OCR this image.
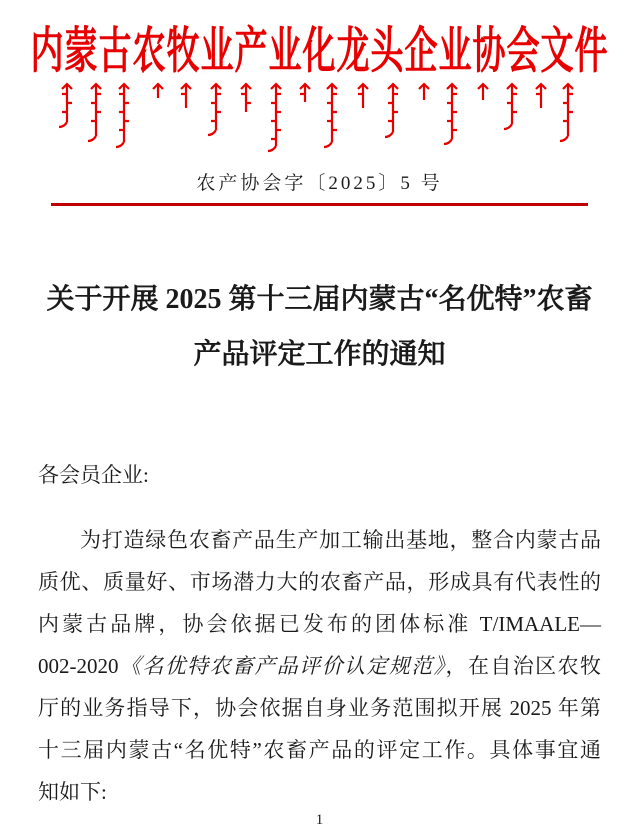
内蒙古农牧业产业化龙头企业协会文件
农产协会字〔2025〕5 号
关于开展 2025 第十三届内蒙古“名优特”农畜
产品评定工作的通知
各会员企业:
为打造绿色农畜产品生产加工输出基地，整合内蒙古品
质优、质量好、市场潜力大的农畜产品，形成具有代表性的
内蒙古品牌，协会依据已发布的团体标准 T/IMAALE—
002-2020《名优特农畜产品评价认定规范》，在自治区农牧
厅的业务指导下，协会依据自身业务范围拟开展 2025 年第
十三届内蒙古“名优特”农畜产品的评定工作。具体事宜通
知如下:
1
